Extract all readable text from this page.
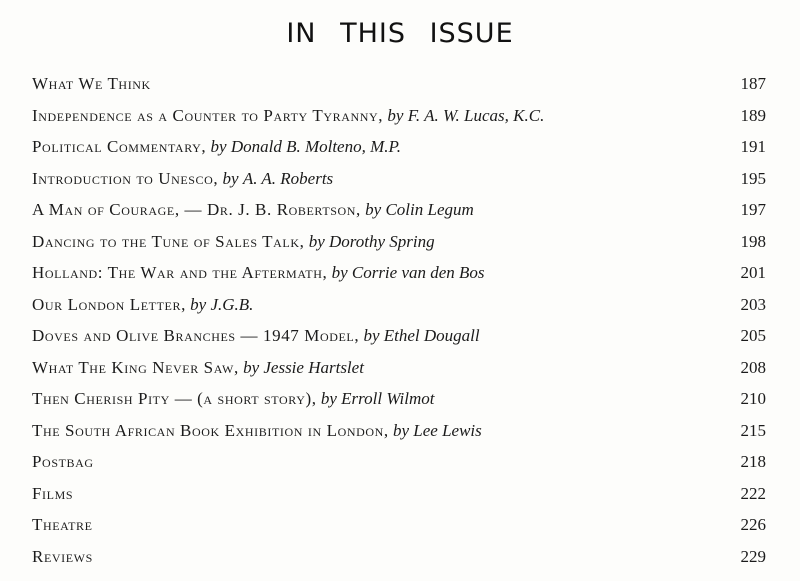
IN THIS ISSUE
What We Think	187
Independence as a Counter to Party Tyranny, by F. A. W. Lucas, K.C.	189
Political Commentary, by Donald B. Molteno, M.P.	191
Introduction to Unesco, by A. A. Roberts	195
A Man of Courage, — Dr. J. B. Robertson, by Colin Legum	197
Dancing to the Tune of Sales Talk, by Dorothy Spring	198
Holland: The War and the Aftermath, by Corrie van den Bos	201
Our London Letter, by J.G.B.	203
Doves and Olive Branches — 1947 Model, by Ethel Dougall	205
What The King Never Saw, by Jessie Hartslet	208
Then Cherish Pity — (a short story), by Erroll Wilmot	210
The South African Book Exhibition in London, by Lee Lewis	215
Postbag	218
Films	222
Theatre	226
Reviews	229
